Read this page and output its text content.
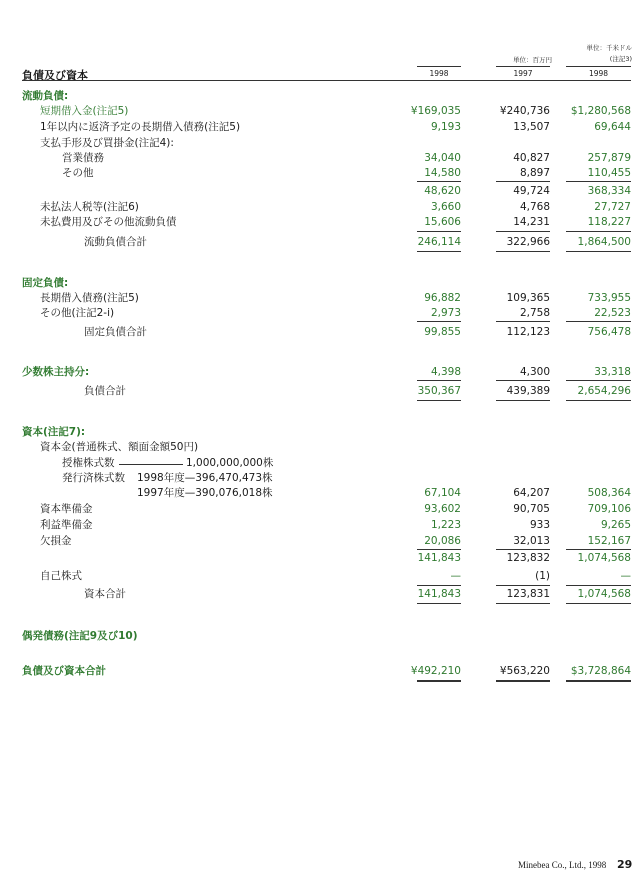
単位：百万円
単位：千米ドル
(注記3)
負債及び資本	1998	1997	1998
流動負債:
短期借入金(注記5)	¥169,035	¥240,736	$1,280,568
1年以内に返済予定の長期借入債務(注記5)	9,193	13,507	69,644
支払手形及び買掛金(注記4):
営業債務	34,040	40,827	257,879
その他	14,580	8,897	110,455
48,620	49,724	368,334
未払法人税等(注記6)	3,660	4,768	27,727
未払費用及びその他流動負債	15,606	14,231	118,227
流動負債合計	246,114	322,966	1,864,500
固定負債:
長期借入債務(注記5)	96,882	109,365	733,955
その他(注記2-i)	2,973	2,758	22,523
固定負債合計	99,855	112,123	756,478
少数株主持分:	4,398	4,300	33,318
負債合計	350,367	439,389	2,654,296
資本(注記7):
資本金(普通株式、額面金額50円)
授権株式数	1,000,000,000株
発行済株式数 1998年度—396,470,473株
1997年度—390,076,018株	67,104	64,207	508,364
資本準備金	93,602	90,705	709,106
利益準備金	1,223	933	9,265
欠損金	20,086	32,013	152,167
141,843	123,832	1,074,568
自己株式	—	(1)	—
資本合計	141,843	123,831	1,074,568
偶発債務(注記9及び10)
負債及び資本合計	¥492,210	¥563,220	$3,728,864
Minebea Co., Ltd., 1998 29
